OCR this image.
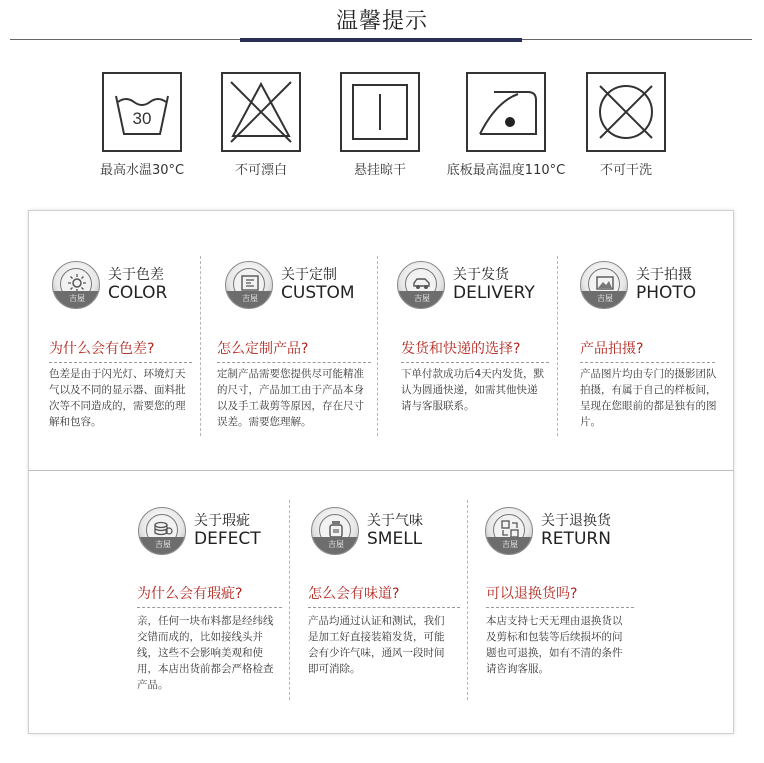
温馨提示
30
最高水温30°C	不可漂白	悬挂晾干	底板最高温度110°C	不可干洗
吉屋
关于色差
COLOR
为什么会有色差?
色差是由于闪光灯、环境灯天气以及不同的显示器、面料批次等不同造成的，需要您的理解和包容。
吉屋
关于定制
CUSTOM
怎么定制产品?
定制产品需要您提供尽可能精准的尺寸，产品加工由于产品本身以及手工裁剪等原因，存在尺寸误差。需要您理解。
吉屋
关于发货
DELIVERY
发货和快递的选择?
下单付款成功后4天内发货，默认为圆通快递，如需其他快递请与客服联系。
吉屋
关于拍摄
PHOTO
产品拍摄?
产品图片均由专门的摄影团队拍摄，有属于自己的样板间，呈现在您眼前的都是独有的图片。
吉屋
关于瑕疵
DEFECT
为什么会有瑕疵?
亲，任何一块布料都是经纬线交错而成的，比如接线头并线，这些不会影响美观和使用，本店出货前都会严格检查产品。
吉屋
关于气味
SMELL
怎么会有味道?
产品均通过认证和测试，我们是加工好直接装箱发货，可能会有少许气味，通风一段时间即可消除。
吉屋
关于退换货
RETURN
可以退换货吗?
本店支持七天无理由退换货以及剪标和包装等后续损坏的问题也可退换，如有不清的条件请咨询客服。
